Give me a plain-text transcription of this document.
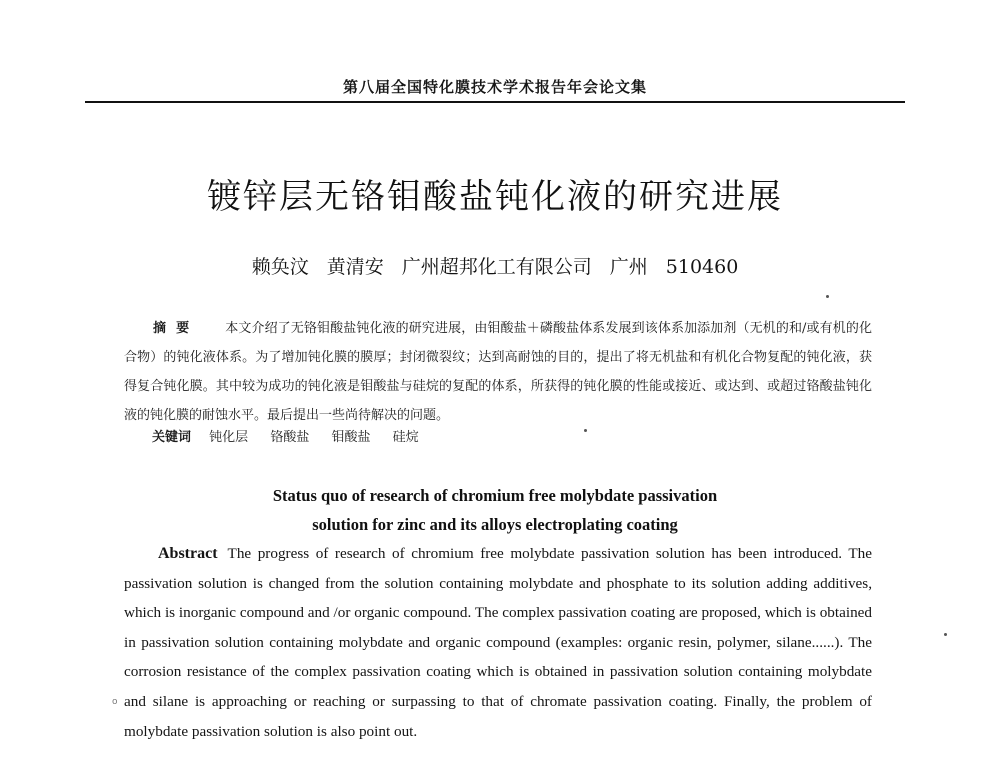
第八届全国特化膜技术学术报告年会论文集
镀锌层无铬钼酸盐钝化液的研究进展
赖奂汶 黄清安 广州超邦化工有限公司 广州 510460
摘要 本文介绍了无铬钼酸盐钝化液的研究进展，由钼酸盐＋磷酸盐体系发展到该体系加添加剂（无机的和/或有机的化合物）的钝化液体系。为了增加钝化膜的膜厚；封闭微裂纹；达到高耐蚀的目的，提出了将无机盐和有机化合物复配的钝化液，获得复合钝化膜。其中较为成功的钝化液是钼酸盐与硅烷的复配的体系，所获得的钝化膜的性能或接近、或达到、或超过铬酸盐钝化液的钝化膜的耐蚀水平。最后提出一些尚待解决的问题。
关键词 钝化层 铬酸盐 钼酸盐 硅烷
Status quo of research of chromium free molybdate passivation
solution for zinc and its alloys electroplating coating
Abstract The progress of research of chromium free molybdate passivation solution has been introduced. The passivation solution is changed from the solution containing molybdate and phosphate to its solution adding additives, which is inorganic compound and /or organic compound. The complex passivation coating are proposed, which is obtained in passivation solution containing molybdate and organic compound (examples: organic resin, polymer, silane......). The corrosion resistance of the complex passivation coating which is obtained in passivation solution containing molybdate and silane is approaching or reaching or surpassing to that of chromate passivation coating. Finally, the problem of molybdate passivation solution is also point out.
o
